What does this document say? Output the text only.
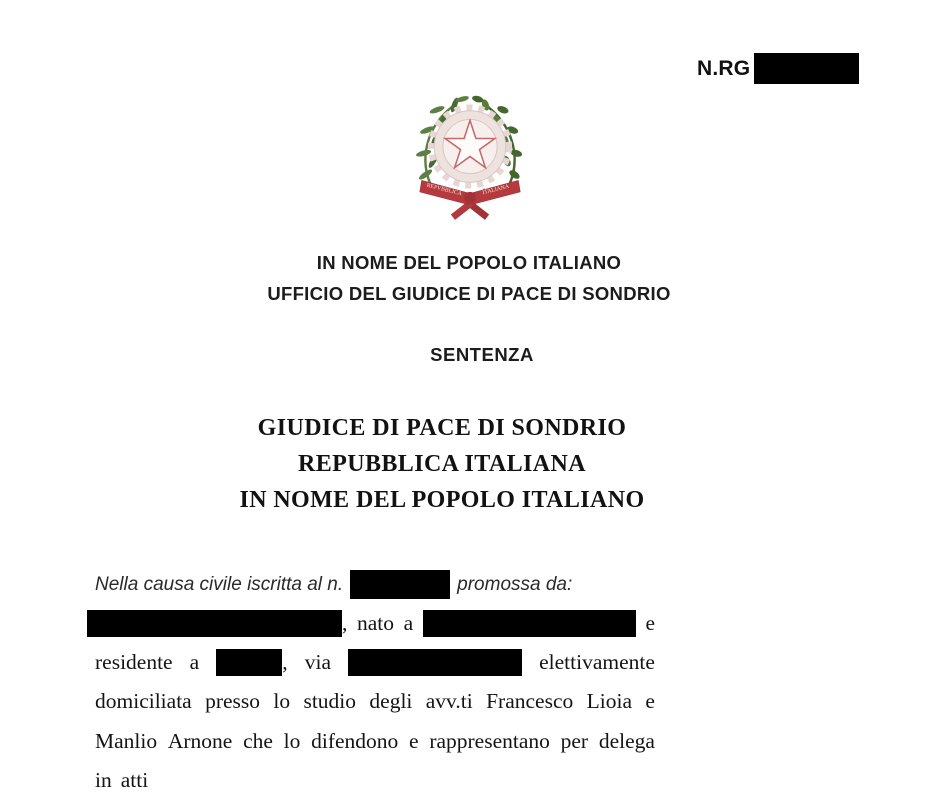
N.RG
REPVBBLICA	ITALIANA
IN NOME DEL POPOLO ITALIANO
UFFICIO DEL GIUDICE DI PACE DI SONDRIO
SENTENZA
GIUDICE DI PACE DI SONDRIO
REPUBBLICA ITALIANA
IN NOME DEL POPOLO ITALIANO
Nella causa civile iscritta al n.	promossa da:
, nato a	e
residente a	, via	elettivamente
domiciliata presso lo studio degli avv.ti Francesco Lioia e
Manlio Arnone che lo difendono e rappresentano per delega
in atti
